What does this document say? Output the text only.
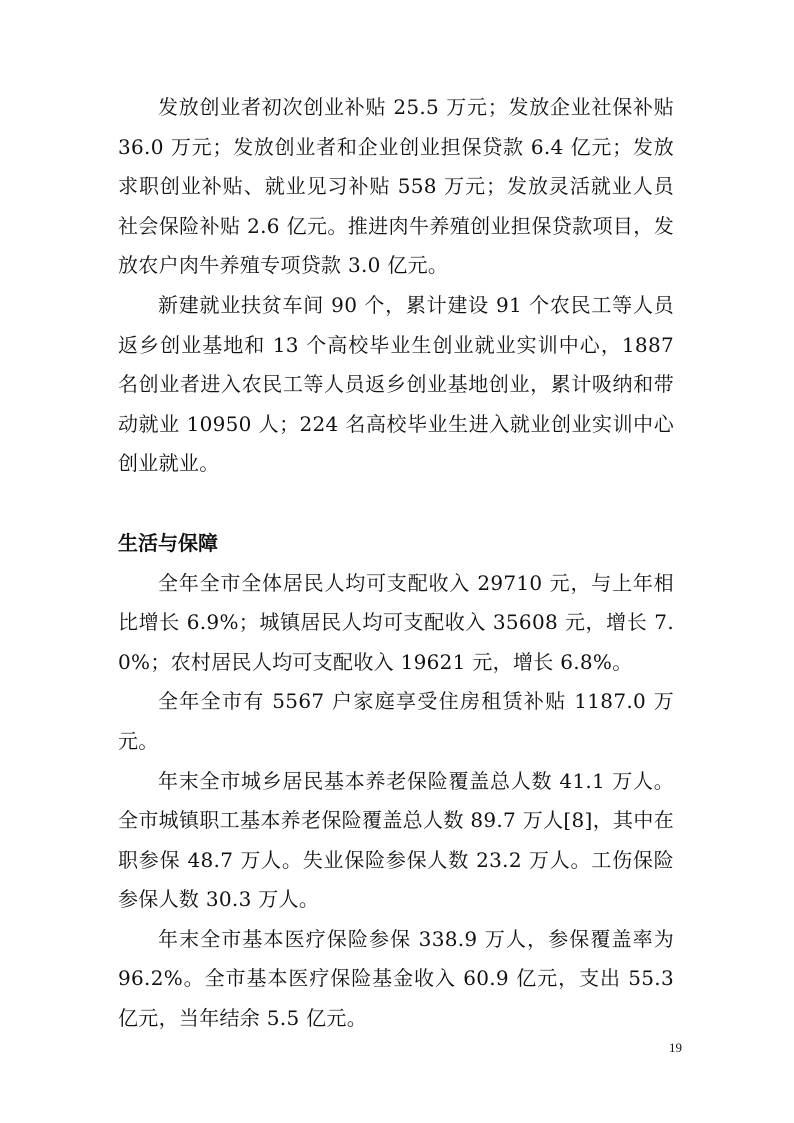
发放创业者初次创业补贴 25.5 万元；发放企业社保补贴 36.0 万元；发放创业者和企业创业担保贷款 6.4 亿元；发放求职创业补贴、就业见习补贴 558 万元；发放灵活就业人员社会保险补贴 2.6 亿元。推进肉牛养殖创业担保贷款项目，发放农户肉牛养殖专项贷款 3.0 亿元。

新建就业扶贫车间 90 个，累计建设 91 个农民工等人员返乡创业基地和 13 个高校毕业生创业就业实训中心，1887 名创业者进入农民工等人员返乡创业基地创业，累计吸纳和带动就业 10950 人；224 名高校毕业生进入就业创业实训中心创业就业。

生活与保障

全年全市全体居民人均可支配收入 29710 元，与上年相比增长 6.9%；城镇居民人均可支配收入 35608 元，增长 7.0%；农村居民人均可支配收入 19621 元，增长 6.8%。

全年全市有 5567 户家庭享受住房租赁补贴 1187.0 万元。

年末全市城乡居民基本养老保险覆盖总人数 41.1 万人。全市城镇职工基本养老保险覆盖总人数 89.7 万人[8]，其中在职参保 48.7 万人。失业保险参保人数 23.2 万人。工伤保险参保人数 30.3 万人。

年末全市基本医疗保险参保 338.9 万人，参保覆盖率为 96.2%。全市基本医疗保险基金收入 60.9 亿元，支出 55.3 亿元，当年结余 5.5 亿元。

19
